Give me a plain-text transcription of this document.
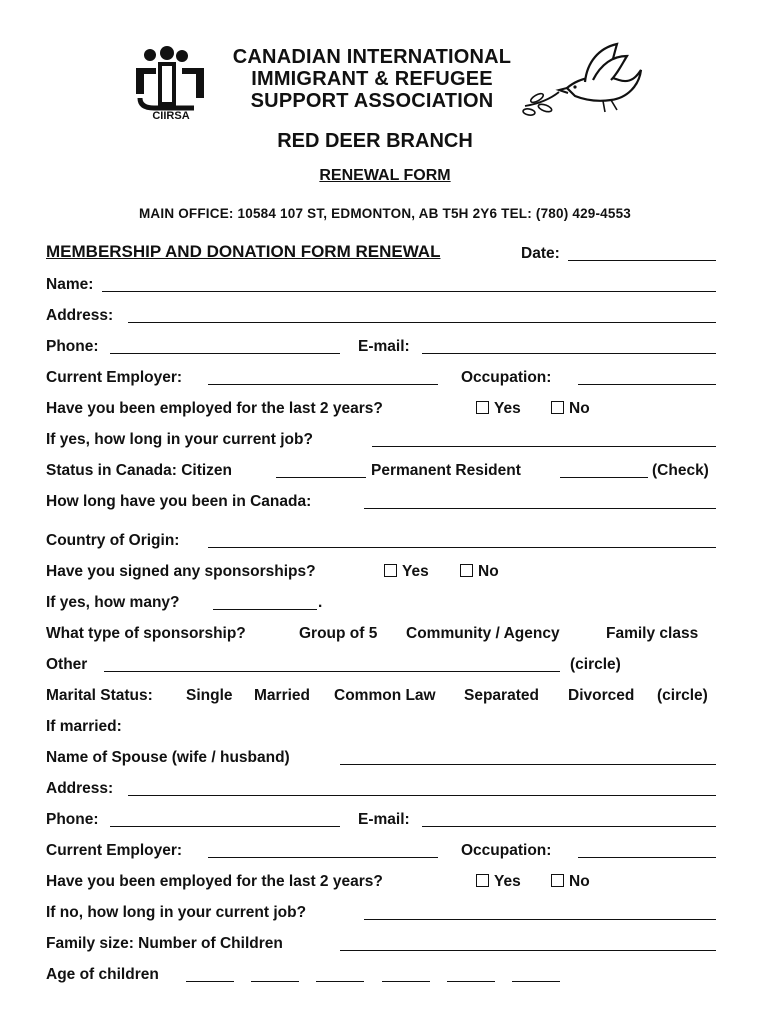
CIIRSA
CANADIAN INTERNATIONAL
IMMIGRANT & REFUGEE
SUPPORT ASSOCIATION
RED DEER BRANCH
RENEWAL FORM
MAIN OFFICE: 10584 107 ST, EDMONTON, AB T5H 2Y6 TEL: (780) 429-4553
MEMBERSHIP AND DONATION FORM RENEWAL	Date:
Name:
Address:
Phone:	E-mail:
Current Employer:	Occupation:
Have you been employed for the last 2 years?	Yes	No
If yes, how long in your current job?
Status in Canada: Citizen	Permanent Resident	(Check)
How long have you been in Canada:
Country of Origin:
Have you signed any sponsorships?	Yes	No
If yes, how many?	.
What type of sponsorship?	Group of 5 Community / Agency	Family class
Other	(circle)
Marital Status: Single Married Common Law Separated Divorced (circle)
If married:
Name of Spouse (wife / husband)
Address:
Phone:	E-mail:
Current Employer:	Occupation:
Have you been employed for the last 2 years?	Yes	No
If no, how long in your current job?
Family size: Number of Children
Age of children
